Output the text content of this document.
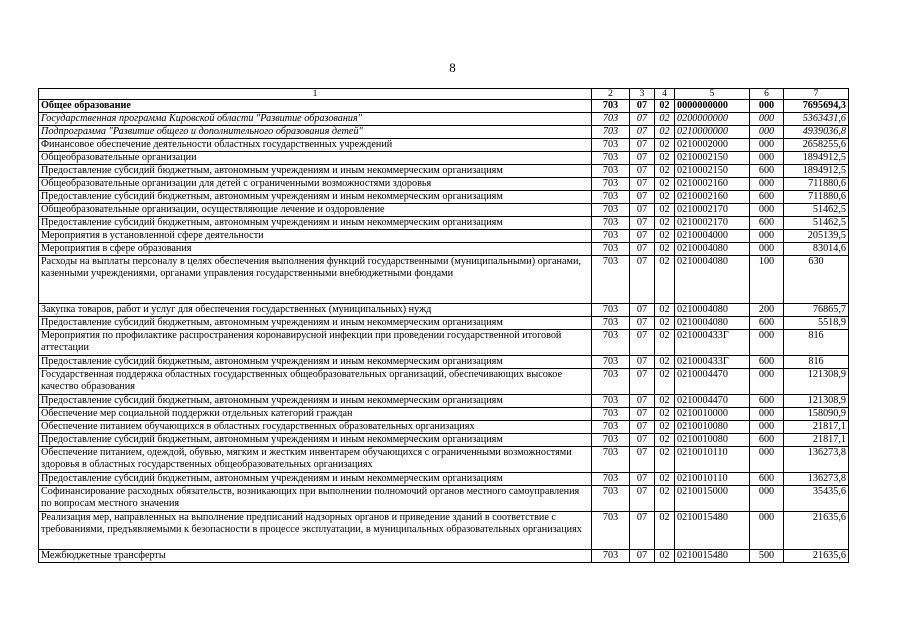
8
1	2	3	4	5	6	7
Общее образование	703	07	02	0000000000	000	7695694,3
Государственная программа Кировской области "Развитие образования"	703	07	02	0200000000	000	5363431,6
Подпрограмма "Развитие общего и дополнительного образования детей"	703	07	02	0210000000	000	4939036,8
Финансовое обеспечение деятельности областных государственных учреждений	703	07	02	0210002000	000	2658255,6
Общеобразовательные организации	703	07	02	0210002150	000	1894912,5
Предоставление субсидий бюджетным, автономным учреждениям и иным некоммерческим организациям	703	07	02	0210002150	600	1894912,5
Общеобразовательные организации для детей с ограниченными возможностями здоровья	703	07	02	0210002160	000	711880,6
Предоставление субсидий бюджетным, автономным учреждениям и иным некоммерческим организациям	703	07	02	0210002160	600	711880,6
Общеобразовательные организации, осуществляющие лечение и оздоровление	703	07	02	0210002170	000	51462,5
Предоставление субсидий бюджетным, автономным учреждениям и иным некоммерческим организациям	703	07	02	0210002170	600	51462,5
Мероприятия в установленной сфере деятельности	703	07	02	0210004000	000	205139,5
Мероприятия в сфере образования	703	07	02	0210004080	000	83014,6
Расходы на выплаты персоналу в целях обеспечения выполнения функций государственными (муниципальными) органами, казенными учреждениями, органами управления государственными внебюджетными фондами	703	07	02	0210004080	100	630
Закупка товаров, работ и услуг для обеспечения государственных (муниципальных) нужд	703	07	02	0210004080	200	76865,7
Предоставление субсидий бюджетным, автономным учреждениям и иным некоммерческим организациям	703	07	02	0210004080	600	5518,9
Мероприятия по профилактике распространения коронавирусной инфекции при проведении государственной итоговой аттестации	703	07	02	021000433Г	000	816
Предоставление субсидий бюджетным, автономным учреждениям и иным некоммерческим организациям	703	07	02	021000433Г	600	816
Государственная поддержка областных государственных общеобразовательных организаций, обеспечивающих высокое качество образования	703	07	02	0210004470	000	121308,9
Предоставление субсидий бюджетным, автономным учреждениям и иным некоммерческим организациям	703	07	02	0210004470	600	121308,9
Обеспечение мер социальной поддержки отдельных категорий граждан	703	07	02	0210010000	000	158090,9
Обеспечение питанием обучающихся в областных государственных образовательных организациях	703	07	02	0210010080	000	21817,1
Предоставление субсидий бюджетным, автономным учреждениям и иным некоммерческим организациям	703	07	02	0210010080	600	21817,1
Обеспечение питанием, одеждой, обувью, мягким и жестким инвентарем обучающихся с ограниченными возможностями здоровья в областных государственных общеобразовательных организациях	703	07	02	0210010110	000	136273,8
Предоставление субсидий бюджетным, автономным учреждениям и иным некоммерческим организациям	703	07	02	0210010110	600	136273,8
Софинансирование расходных обязательств, возникающих при выполнении полномочий органов местного самоуправления по вопросам местного значения	703	07	02	0210015000	000	35435,6
Реализация мер, направленных на выполнение предписаний надзорных органов и приведение зданий в соответствие с требованиями, предъявляемыми к безопасности в процессе эксплуатации, в муниципальных образовательных организациях	703	07	02	0210015480	000	21635,6
Межбюджетные трансферты	703	07	02	0210015480	500	21635,6
